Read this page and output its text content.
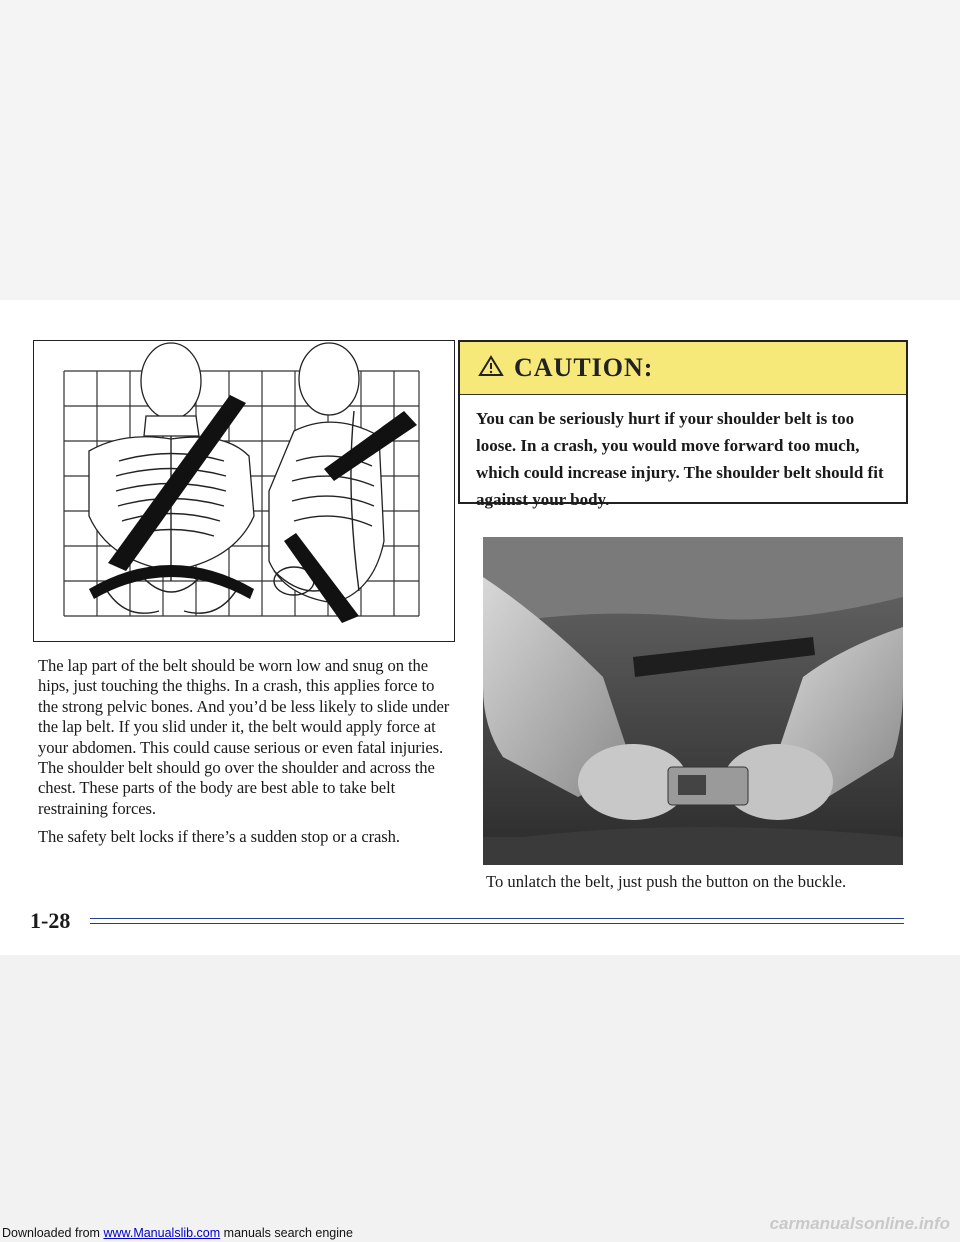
The lap part of the belt should be worn low and snug on the hips, just touching the thighs. In a crash, this applies force to the strong pelvic bones. And you’d be less likely to slide under the lap belt. If you slid under it, the belt would apply force at your abdomen. This could cause serious or even fatal injuries. The shoulder belt should go over the shoulder and across the chest. These parts of the body are best able to take belt restraining forces.

The safety belt locks if there’s a sudden stop or a crash.

CAUTION:
You can be seriously hurt if your shoulder belt is too loose. In a crash, you would move forward too much, which could increase injury. The shoulder belt should fit against your body.
To unlatch the belt, just push the button on the buckle.
1-28
Downloaded from www.Manualslib.com manuals search engine	carmanualsonline.info
